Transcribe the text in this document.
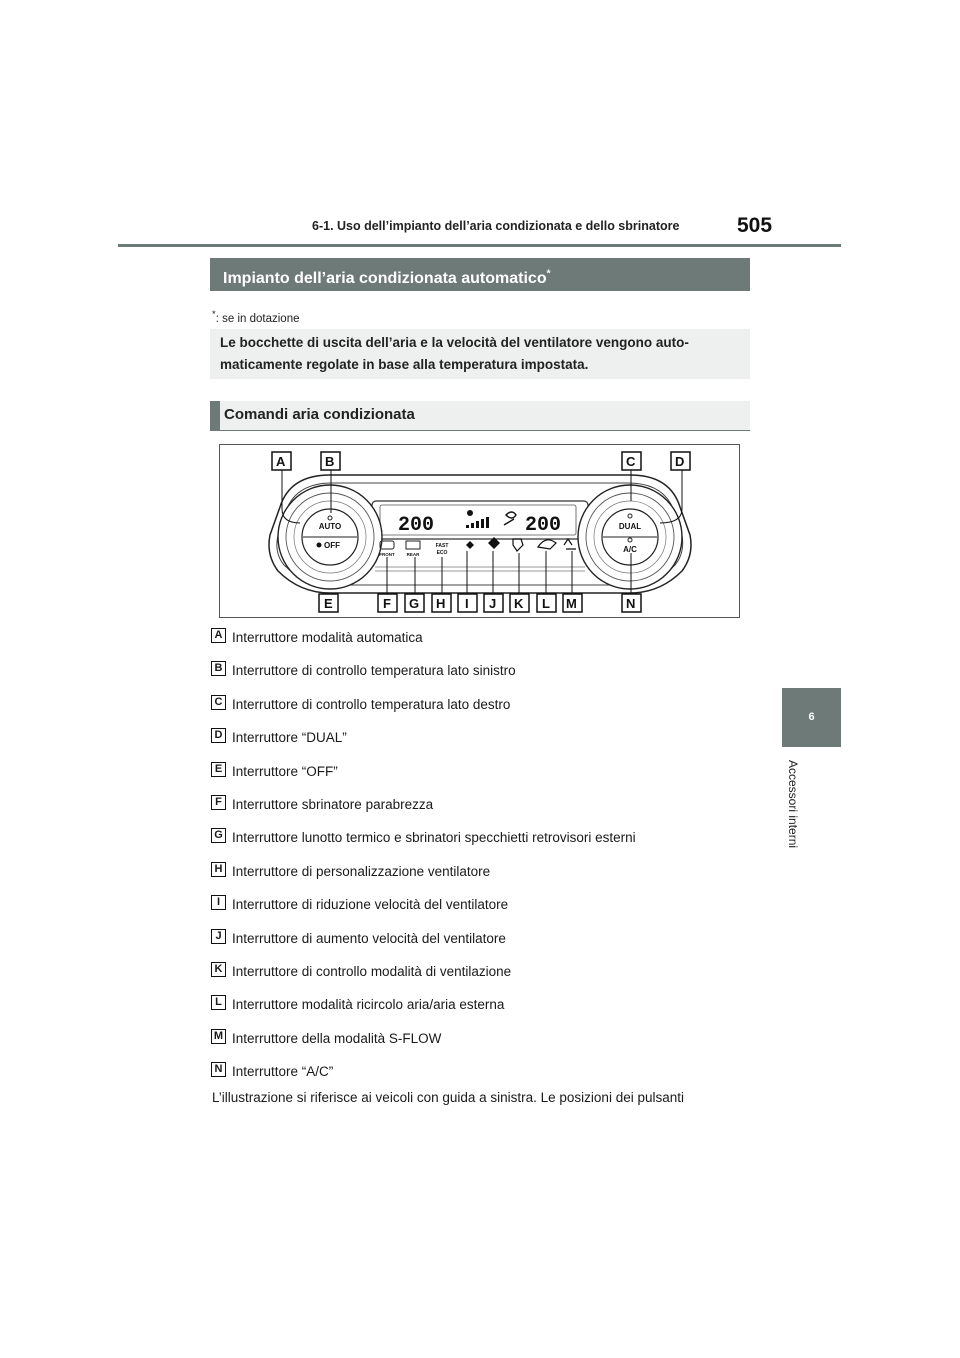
6-1. Uso dell’impianto dell’aria condizionata e dello sbrinatore	505
6
Accessori interni
Impianto dell’aria condizionata automatico*
*: se in dotazione
Le bocchette di uscita dell’aria e la velocità del ventilatore vengono auto-
maticamente regolate in base alla temperatura impostata.
Comandi aria condizionata
200	200
AUTO
OFF
DUAL
A/C
FRONT	REAR
FAST
ECO
A	B	C	D
E	F G H I J K L M	N
A Interruttore modalità automatica
B Interruttore di controllo temperatura lato sinistro
C Interruttore di controllo temperatura lato destro
D Interruttore “DUAL”
E Interruttore “OFF”
F Interruttore sbrinatore parabrezza
G Interruttore lunotto termico e sbrinatori specchietti retrovisori esterni
H Interruttore di personalizzazione ventilatore
I Interruttore di riduzione velocità del ventilatore
J Interruttore di aumento velocità del ventilatore
K Interruttore di controllo modalità di ventilazione
L Interruttore modalità ricircolo aria/aria esterna
M Interruttore della modalità S-FLOW
N Interruttore “A/C”
L’illustrazione si riferisce ai veicoli con guida a sinistra. Le posizioni dei pulsanti
